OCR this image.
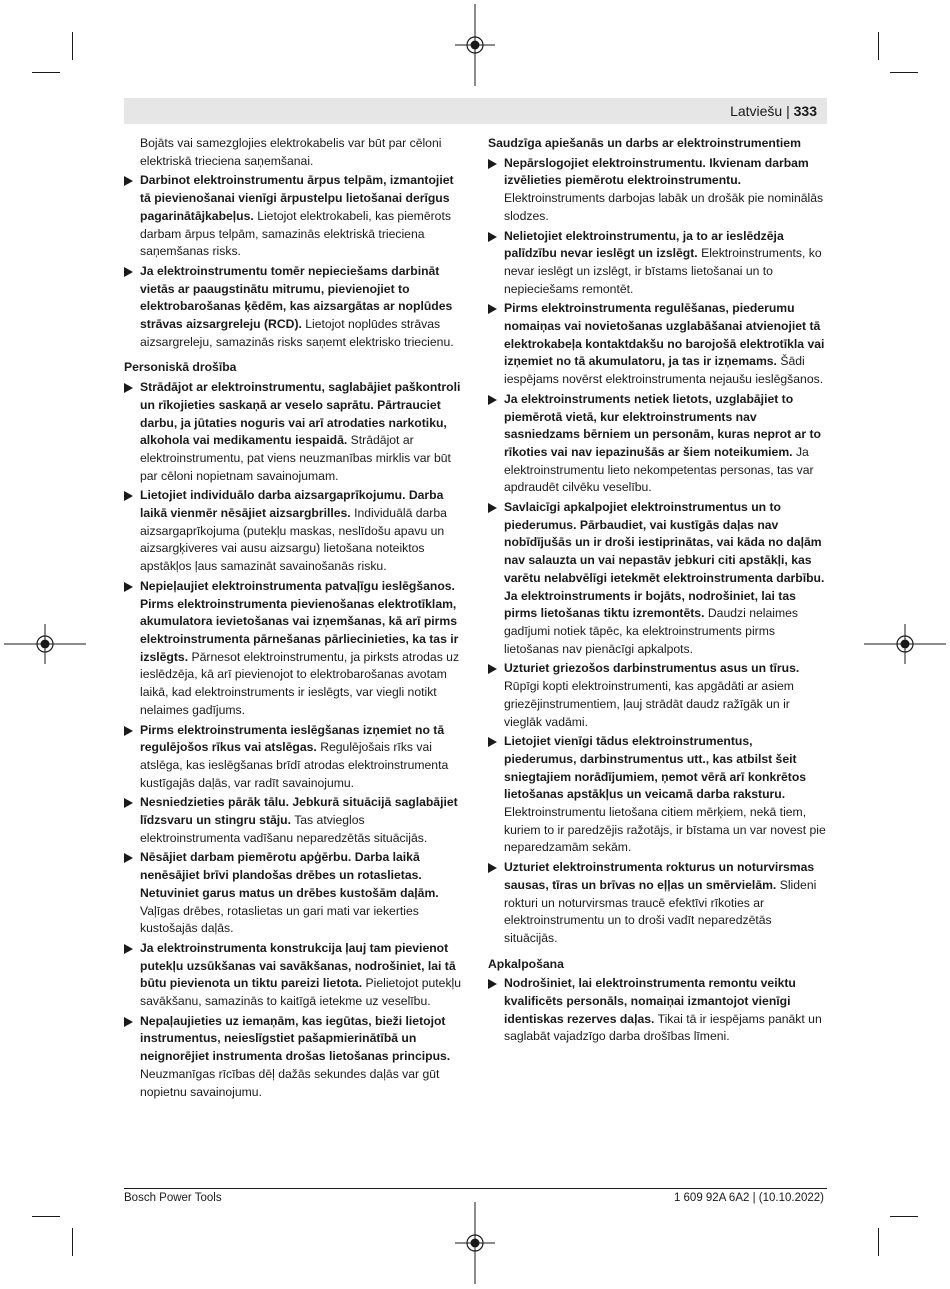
Latviešu | 333
Bojāts vai samezglojies elektrokabelis var būt par cēloni elektriskā trieciena saņemšanai.
Darbinot elektroinstrumentu ārpus telpām, izmantojiet tā pievienošanai vienīgi ārpustelpu lietošanai derīgus pagarinātājkabeļus. Lietojot elektrokabeli, kas piemērots darbam ārpus telpām, samazinās elektriskā trieciena saņemšanas risks.
Ja elektroinstrumentu tomēr nepieciešams darbināt vietās ar paaugstinātu mitrumu, pievienojiet to elektrobarošanas ķēdēm, kas aizsargātas ar noplūdes strāvas aizsargreleju (RCD). Lietojot noplūdes strāvas aizsargreleju, samazinās risks saņemt elektrisko triecienu.
Personiskā drošība
Strādājot ar elektroinstrumentu, saglabājiet paškontroli un rīkojieties saskaņā ar veselo saprātu. Pārtrauciet darbu, ja jūtaties noguris vai arī atrodaties narkotiku, alkohola vai medikamentu iespaidā. Strādājot ar elektroinstrumentu, pat viens neuzmanības mirklis var būt par cēloni nopietnam savainojumam.
Lietojiet individuālo darba aizsargaprīkojumu. Darba laikā vienmēr nēsājiet aizsargbrilles. Individuālā darba aizsargaprīkojuma (putekļu maskas, neslīdošu apavu un aizsargķiveres vai ausu aizsargu) lietošana noteiktos apstākļos ļaus samazināt savainošanās risku.
Nepieļaujiet elektroinstrumenta patvaļīgu ieslēgšanos. Pirms elektroinstrumenta pievienošanas elektrotīklam, akumulatora ievietošanas vai izņemšanas, kā arī pirms elektroinstrumenta pārnešanas pārliecinieties, ka tas ir izslēgts. Pārnesot elektroinstrumentu, ja pirksts atrodas uz ieslēdzēja, kā arī pievienojot to elektrobarošanas avotam laikā, kad elektroinstruments ir ieslēgts, var viegli notikt nelaimes gadījums.
Pirms elektroinstrumenta ieslēgšanas izņemiet no tā regulējošos rīkus vai atslēgas. Regulējošais rīks vai atslēga, kas ieslēgšanas brīdī atrodas elektroinstrumenta kustīgajās daļās, var radīt savainojumu.
Nesniedzieties pārāk tālu. Jebkurā situācijā saglabājiet līdzsvaru un stingru stāju. Tas atvieglos elektroinstrumenta vadīšanu neparedzētās situācijās.
Nēsājiet darbam piemērotu apģērbu. Darba laikā nenēsājiet brīvi plandošas drēbes un rotaslietas. Netuviniet garus matus un drēbes kustošām daļām. Vaļīgas drēbes, rotaslietas un gari mati var iekerties kustošajās daļās.
Ja elektroinstrumenta konstrukcija ļauj tam pievienot putekļu uzsūkšanas vai savākšanas, nodrošiniet, lai tā būtu pievienota un tiktu pareizi lietota. Pielietojot putekļu savākšanu, samazinās to kaitīgā ietekme uz veselību.
Nepaļaujieties uz iemaņām, kas iegūtas, bieži lietojot instrumentus, neieslīgstiet pašapmierinātībā un neignorējiet instrumenta drošas lietošanas principus. Neuzmanīgas rīcības dēļ dažās sekundes daļās var gūt nopietnu savainojumu.
Saudzīga apiešanās un darbs ar elektroinstrumentiem
Nepārslogojiet elektroinstrumentu. Ikvienam darbam izvēlieties piemērotu elektroinstrumentu. Elektroinstruments darbojas labāk un drošāk pie nominālās slodzes.
Nelietojiet elektroinstrumentu, ja to ar ieslēdzēja palīdzību nevar ieslēgt un izslēgt. Elektroinstruments, ko nevar ieslēgt un izslēgt, ir bīstams lietošanai un to nepieciešams remontēt.
Pirms elektroinstrumenta regulēšanas, piederumu nomaiņas vai novietošanas uzglabāšanai atvienojiet tā elektrokabeļa kontaktdakšu no barojošā elektrotīkla vai izņemiet no tā akumulatoru, ja tas ir izņemams. Šādi iespējams novērst elektroinstrumenta nejaušu ieslēgšanos.
Ja elektroinstruments netiek lietots, uzglabājiet to piemērotā vietā, kur elektroinstruments nav sasniedzams bērniem un personām, kuras neprot ar to rīkoties vai nav iepazinušās ar šiem noteikumiem. Ja elektroinstrumentu lieto nekompetentas personas, tas var apdraudēt cilvēku veselību.
Savlaicīgi apkalpojiet elektroinstrumentus un to piederumus. Pārbaudiet, vai kustīgās daļas nav nobīdījušās un ir droši iestiprinātas, vai kāda no daļām nav salauzta un vai nepastāv jebkuri citi apstākļi, kas varētu nelabvēlīgi ietekmēt elektroinstrumenta darbību. Ja elektroinstruments ir bojāts, nodrošiniet, lai tas pirms lietošanas tiktu izremontēts. Daudzi nelaimes gadījumi notiek tāpēc, ka elektroinstruments pirms lietošanas nav pienācīgi apkalpots.
Uzturiet griezošos darbinstrumentus asus un tīrus. Rūpīgi kopti elektroinstrumenti, kas apgādāti ar asiem griezējinstrumentiem, ļauj strādāt daudz ražīgāk un ir vieglāk vadāmi.
Lietojiet vienīgi tādus elektroinstrumentus, piederumus, darbinstrumentus utt., kas atbilst šeit sniegtajiem norādījumiem, ņemot vērā arī konkrētos lietošanas apstākļus un veicamā darba raksturu. Elektroinstrumentu lietošana citiem mērķiem, nekā tiem, kuriem to ir paredzējis ražotājs, ir bīstama un var novest pie neparedzamām sekām.
Uzturiet elektroinstrumenta rokturus un noturvirsmas sausas, tīras un brīvas no eļļas un smērvielām. Slideni rokturi un noturvirsmas traucē efektīvi rīkoties ar elektroinstrumentu un to droši vadīt neparedzētās situācijās.
Apkalpošana
Nodrošiniet, lai elektroinstrumenta remontu veiktu kvalificēts personāls, nomaiņai izmantojot vienīgi identiskas rezerves daļas. Tikai tā ir iespējams panākt un saglabāt vajadzīgo darba drošības līmeni.
Bosch Power Tools	1 609 92A 6A2 | (10.10.2022)
